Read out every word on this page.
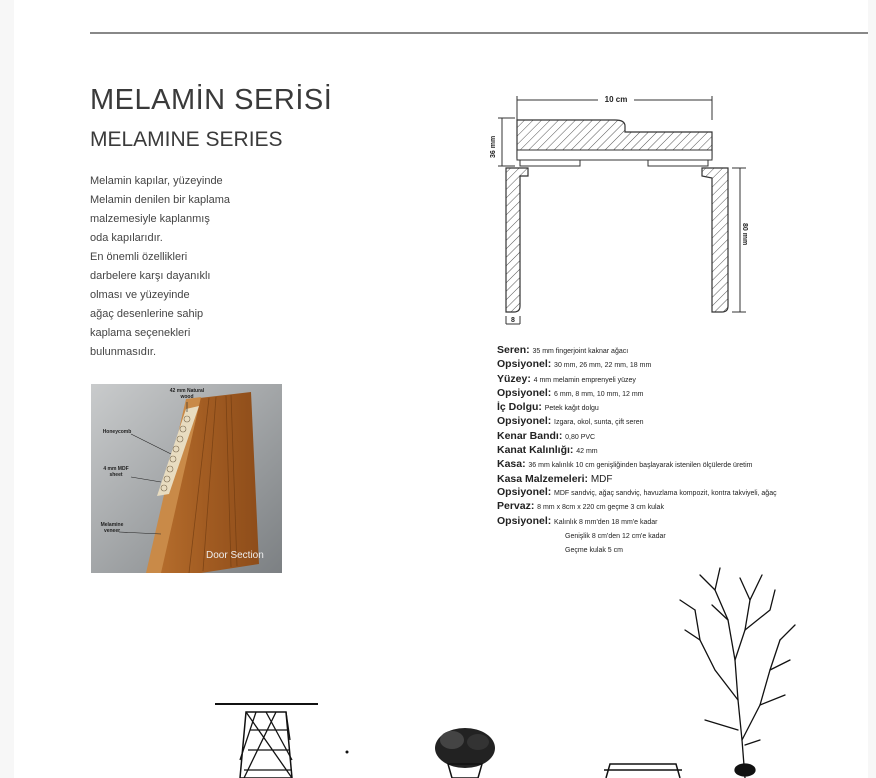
MELAMİN SERİSİ
MELAMINE SERIES
Melamin kapılar, yüzeyinde
Melamin denilen bir kaplama
malzemesiyle kaplanmış
oda kapılarıdır.
En önemli özellikleri
darbelere karşı dayanıklı
olması ve yüzeyinde
ağaç desenlerine sahip
kaplama seçenekleri
bulunmasıdır.
42 mm Natural wood
Honeycomb
4 mm MDF sheet
Melamine veneer
Door Section
10 cm
36 mm
80 mm
8
Seren: 35 mm fingerjoint kaknar ağacı
Opsiyonel: 30 mm, 26 mm, 22 mm, 18 mm
Yüzey: 4 mm melamin emprenyeli yüzey
Opsiyonel: 6 mm, 8 mm, 10 mm, 12 mm
İç Dolgu: Petek kağıt dolgu
Opsiyonel: Izgara, okol, sunta, çift seren
Kenar Bandı: 0,80 PVC
Kanat Kalınlığı: 42 mm
Kasa: 36 mm kalınlık 10 cm genişliğinden başlayarak istenilen ölçülerde üretim
Kasa Malzemeleri: MDF
Opsiyonel: MDF sandviç, ağaç sandviç, havuzlama kompozit, kontra takviyeli, ağaç
Pervaz: 8 mm x 8cm x 220 cm geçme 3 cm kulak
Opsiyonel: Kalınlık 8 mm'den 18 mm'e kadar
Genişlik 8 cm'den 12 cm'e kadar
Geçme kulak 5 cm
